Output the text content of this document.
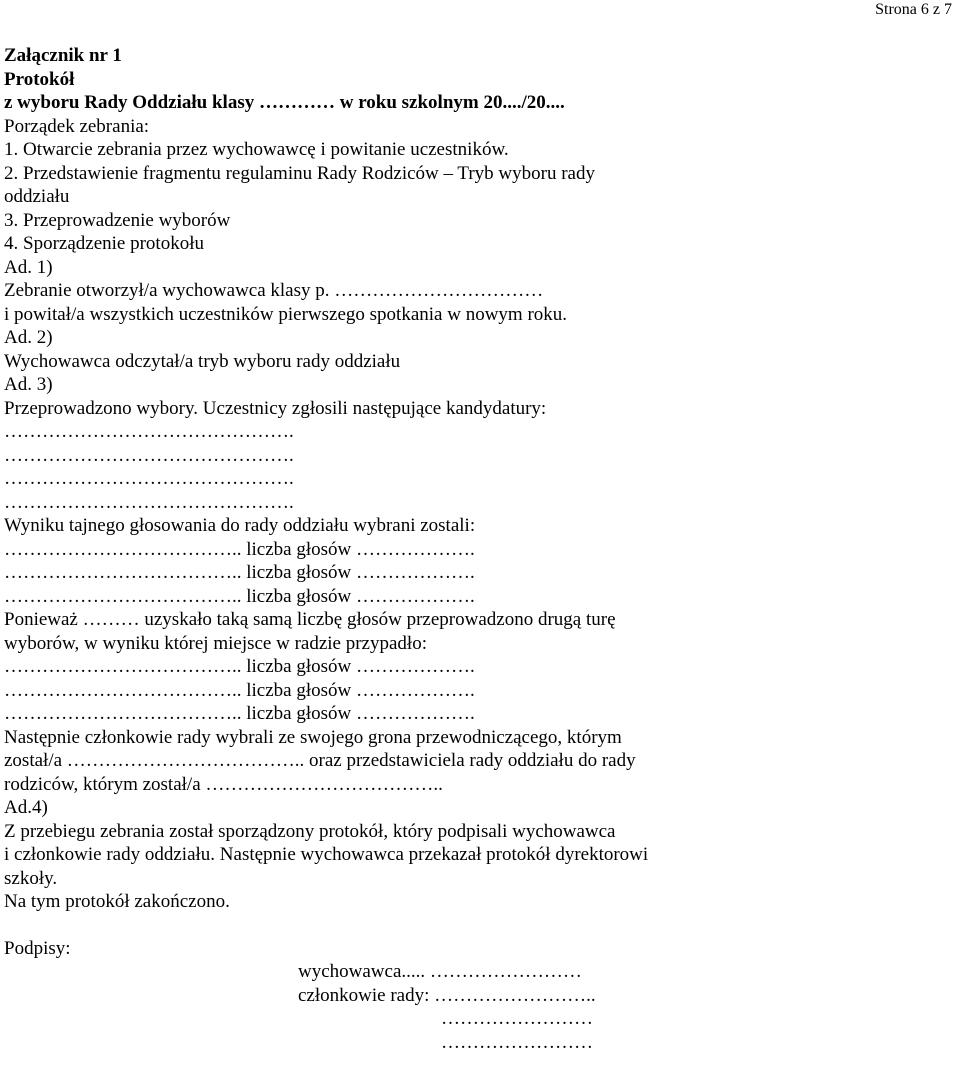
Strona 6 z 7
Załącznik nr 1
Protokół
z wyboru Rady Oddziału klasy ………… w roku szkolnym 20..../20....
Porządek zebrania:
1. Otwarcie zebrania przez wychowawcę i powitanie uczestników.
2. Przedstawienie fragmentu regulaminu Rady Rodziców – Tryb wyboru rady
oddziału
3. Przeprowadzenie wyborów
4. Sporządzenie protokołu
Ad. 1)
Zebranie otworzył/a wychowawca klasy p. ……………………………
i powitał/a wszystkich uczestników pierwszego spotkania w nowym roku.
Ad. 2)
Wychowawca odczytał/a tryb wyboru rady oddziału
Ad. 3)
Przeprowadzono wybory. Uczestnicy zgłosili następujące kandydatury:
……………………………………….
……………………………………….
……………………………………….
……………………………………….
Wyniku tajnego głosowania do rady oddziału wybrani zostali:
……………………………….. liczba głosów ……………….
……………………………….. liczba głosów ……………….
……………………………….. liczba głosów ……………….
Ponieważ ……… uzyskało taką samą liczbę głosów przeprowadzono drugą turę
wyborów, w wyniku której miejsce w radzie przypadło:
……………………………….. liczba głosów ……………….
……………………………….. liczba głosów ……………….
……………………………….. liczba głosów ……………….
Następnie członkowie rady wybrali ze swojego grona przewodniczącego, którym
został/a ……………………………….. oraz przedstawiciela rady oddziału do rady
rodziców, którym został/a ………………………………..
Ad.4)
Z przebiegu zebrania został sporządzony protokół, który podpisali wychowawca
i członkowie rady oddziału. Następnie wychowawca przekazał protokół dyrektorowi
szkoły.
Na tym protokół zakończono.
Podpisy:
wychowawca..... ……………………
członkowie rady: ……………………..
……………………
……………………
